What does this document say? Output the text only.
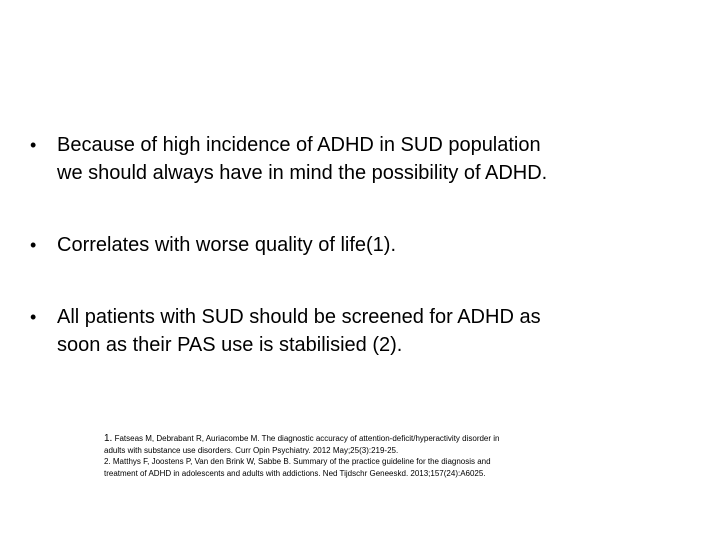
• Because of high incidence of ADHD in SUD population
we should always have in mind the possibility of ADHD.
• Correlates with worse quality of life(1).
• All patients with SUD should be screened for ADHD as
soon as their PAS use is stabilisied (2).
1. Fatseas M, Debrabant R, Auriacombe M. The diagnostic accuracy of attention-deficit/hyperactivity disorder in
adults with substance use disorders. Curr Opin Psychiatry. 2012 May;25(3):219-25.
2. Matthys F, Joostens P, Van den Brink W, Sabbe B. Summary of the practice guideline for the diagnosis and
treatment of ADHD in adolescents and adults with addictions. Ned Tijdschr Geneeskd. 2013;157(24):A6025.
